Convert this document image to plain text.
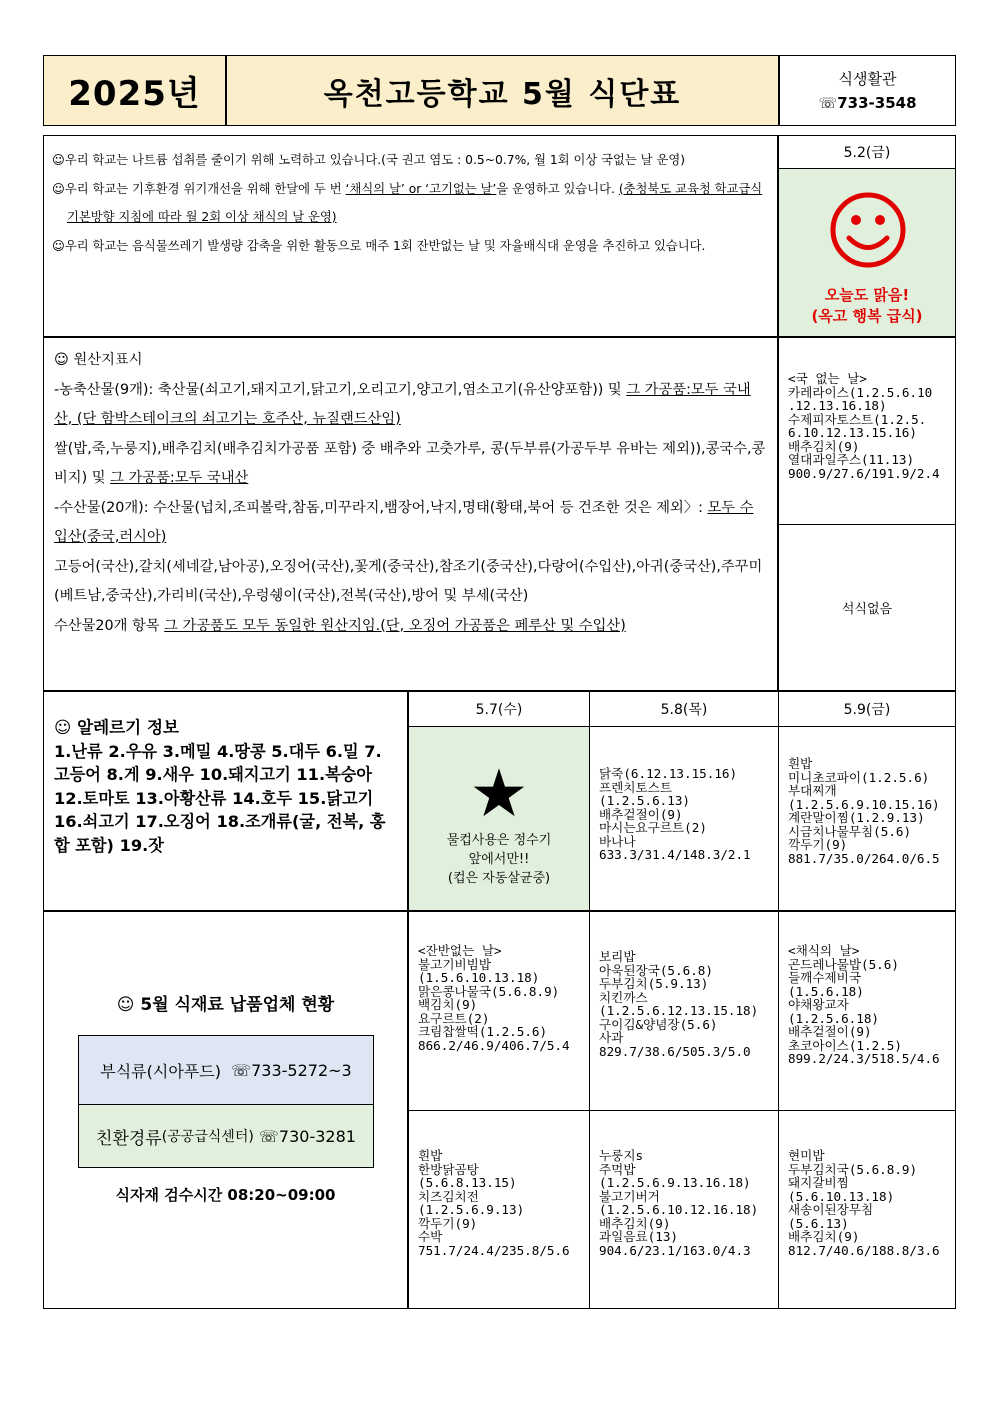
2025년	옥천고등학교 5월 식단표	식생활관
☏733-3548
☺우리 학교는 나트륨 섭취를 줄이기 위해 노력하고 있습니다.(국 권고 염도 : 0.5~0.7%, 월 1회 이상 국없는 날 운영)
☺우리 학교는 기후환경 위기개선을 위해 한달에 두 번 ‘채식의 날’ or ‘고기없는 날’을 운영하고 있습니다. (충청북도 교육청 학교급식기본방향 지침에 따라 월 2회 이상 채식의 날 운영)
☺우리 학교는 음식물쓰레기 발생량 감축을 위한 활동으로 매주 1회 잔반없는 날 및 자율배식대 운영을 추진하고 있습니다.
5.2(금)
오늘도 맑음!
(옥고 행복 급식)

☺ 원산지표시

-농축산물(9개): 축산물(쇠고기,돼지고기,닭고기,오리고기,양고기,염소고기(유산양포함)) 및 그 가공품:모두 국내산, (단 함박스테이크의 쇠고기는 호주산, 뉴질랜드산임)

쌀(밥,죽,누룽지),배추김치(배추김치가공품 포함) 중 배추와 고춧가루, 콩(두부류(가공두부 유바는 제외)),콩국수,콩비지) 및 그 가공품:모두 국내산

-수산물(20개): 수산물(넙치,조피볼락,참돔,미꾸라지,뱀장어,낙지,명태(황태,북어 등 건조한 것은 제외〉: 모두 수입산(중국,러시아)

고등어(국산),갈치(세네갈,남아공),오징어(국산),꽃게(중국산),참조기(중국산),다랑어(수입산),아귀(중국산),주꾸미(베트남,중국산),가리비(국산),우렁쉥이(국산),전복(국산),방어 및 부세(국산)

수산물20개 항목 그 가공품도 모두 동일한 원산지임.(단, 오징어 가공품은 페루산 및 수입산)

<국 없는 날>
카레라이스(1.2.5.6.10
.12.13.16.18)
수제피자토스트(1.2.5.
6.10.12.13.15.16)
배추김치(9)
열대과일주스(11.13)
900.9/27.6/191.9/2.4
석식없음
☺ 알레르기 정보
1.난류 2.우유 3.메밀 4.땅콩 5.대두 6.밀 7.고등어 8.게 9.새우 10.돼지고기 11.복숭아 12.토마토 13.아황산류 14.호두 15.닭고기 16.쇠고기 17.오징어 18.조개류(굴, 전복, 홍합 포함) 19.잣
5.7(수)	5.8(목)	5.9(금)
★
물컵사용은 정수기
앞에서만!!
(컵은 자동살균중)
닭죽(6.12.13.15.16)
프렌치토스트
(1.2.5.6.13)
배추겉절이(9)
마시는요구르트(2)
바나나
633.3/31.4/148.3/2.1
흰밥
미니초코파이(1.2.5.6)
부대찌개
(1.2.5.6.9.10.15.16)
계란말이찜(1.2.9.13)
시금치나물무침(5.6)
깍두기(9)
881.7/35.0/264.0/6.5
☺ 5월 식재료 납품업체 현황
부식류 (시아푸드)
☏733-5272~3
친환경류 (공공급식센터)
☏730-3281
식자재 검수시간 08:20~09:00
<잔반없는 날>
불고기비빔밥
(1.5.6.10.13.18)
맑은콩나물국(5.6.8.9)
백김치(9)
요구르트(2)
크림찹쌀떡(1.2.5.6)
866.2/46.9/406.7/5.4
보리밥
아욱된장국(5.6.8)
두부김치(5.9.13)
치킨까스
(1.2.5.6.12.13.15.18)
구이김&양념장(5.6)
사과
829.7/38.6/505.3/5.0
<채식의 날>
곤드레나물밥(5.6)
들깨수제비국
(1.5.6.18)
야채왕교자
(1.2.5.6.18)
배추겉절이(9)
초코아이스(1.2.5)
899.2/24.3/518.5/4.6
흰밥
한방닭곰탕
(5.6.8.13.15)
치즈김치전
(1.2.5.6.9.13)
깍두기(9)
수박
751.7/24.4/235.8/5.6
누룽지s
주먹밥
(1.2.5.6.9.13.16.18)
불고기버거
(1.2.5.6.10.12.16.18)
배추김치(9)
과일음료(13)
904.6/23.1/163.0/4.3
현미밥
두부김치국(5.6.8.9)
돼지갈비찜
(5.6.10.13.18)
새송이된장무침
(5.6.13)
배추김치(9)
812.7/40.6/188.8/3.6
